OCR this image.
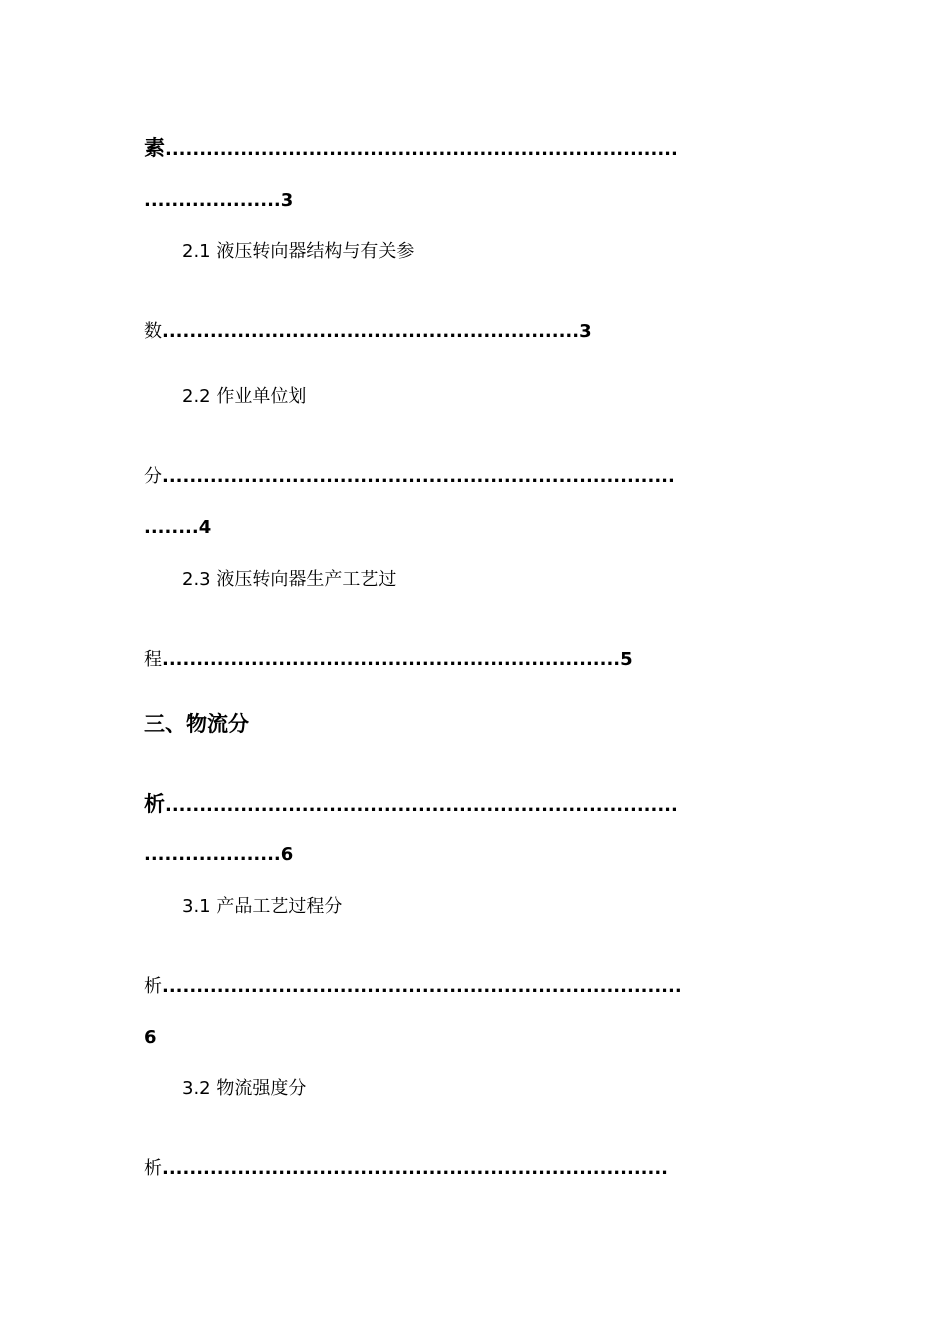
素...........................................................................
....................3
2.1 液压转向器结构与有关参
数.............................................................3
2.2 作业单位划
分...........................................................................
........4
2.3 液压转向器生产工艺过
程...................................................................5
三、物流分
析...........................................................................
....................6
3.1 产品工艺过程分
析............................................................................
6
3.2 物流强度分
析..........................................................................
